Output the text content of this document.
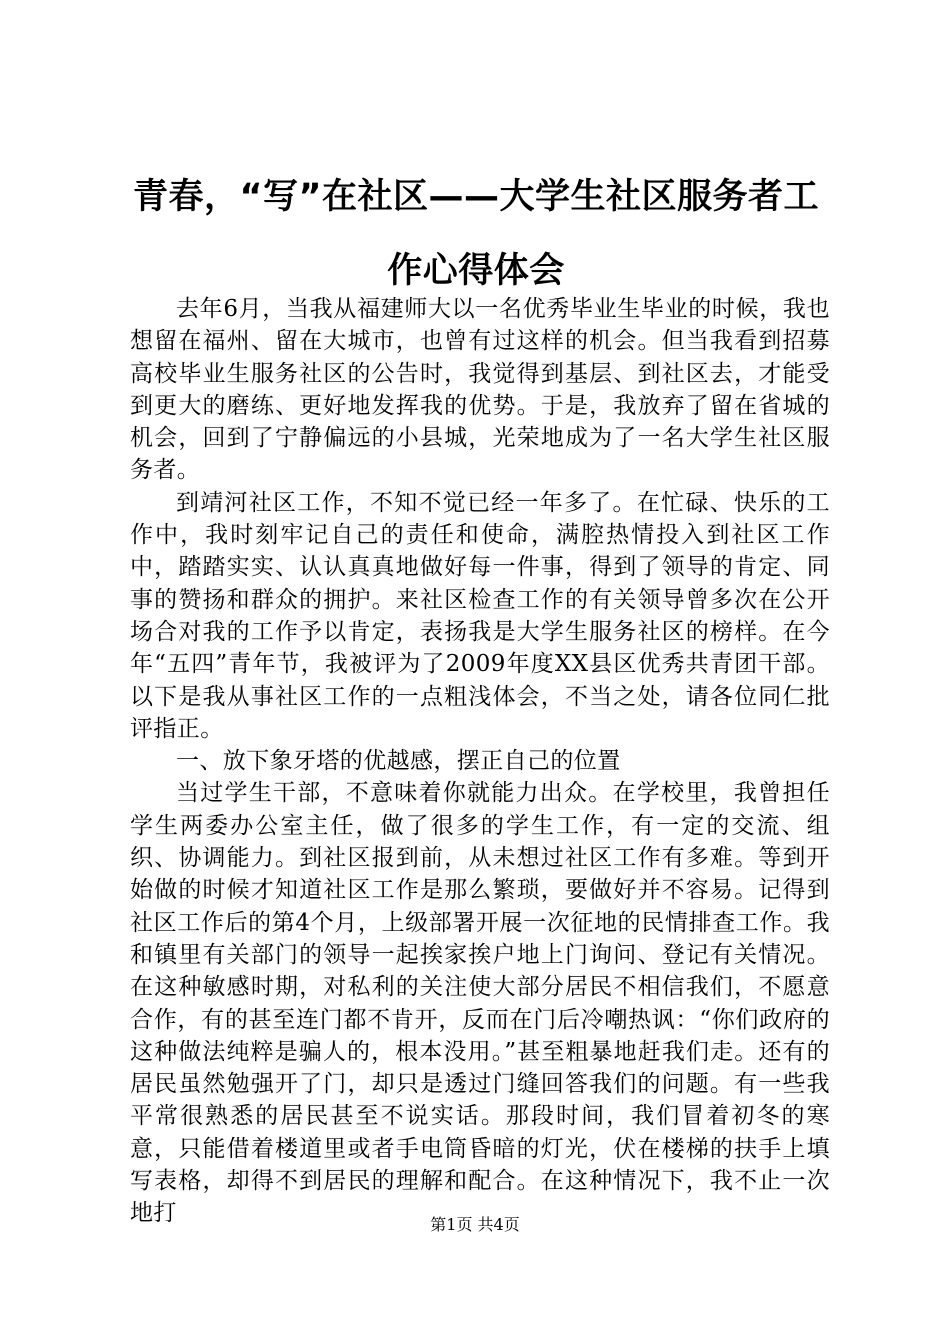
青春，“写”在社区——大学生社区服务者工作心得体会

去年6月，当我从福建师大以一名优秀毕业生毕业的时候，我也想留在福州、留在大城市，也曾有过这样的机会。但当我看到招募高校毕业生服务社区的公告时，我觉得到基层、到社区去，才能受到更大的磨练、更好地发挥我的优势。于是，我放弃了留在省城的机会，回到了宁静偏远的小县城，光荣地成为了一名大学生社区服务者。

到靖河社区工作，不知不觉已经一年多了。在忙碌、快乐的工作中，我时刻牢记自己的责任和使命，满腔热情投入到社区工作中，踏踏实实、认认真真地做好每一件事，得到了领导的肯定、同事的赞扬和群众的拥护。来社区检查工作的有关领导曾多次在公开场合对我的工作予以肯定，表扬我是大学生服务社区的榜样。在今年“五四”青年节，我被评为了2009年度XX县区优秀共青团干部。以下是我从事社区工作的一点粗浅体会，不当之处，请各位同仁批评指正。

一、放下象牙塔的优越感，摆正自己的位置

当过学生干部，不意味着你就能力出众。在学校里，我曾担任学生两委办公室主任，做了很多的学生工作，有一定的交流、组织、协调能力。到社区报到前，从未想过社区工作有多难。等到开始做的时候才知道社区工作是那么繁琐，要做好并不容易。记得到社区工作后的第4个月，上级部署开展一次征地的民情排查工作。我和镇里有关部门的领导一起挨家挨户地上门询问、登记有关情况。在这种敏感时期，对私利的关注使大部分居民不相信我们，不愿意合作，有的甚至连门都不肯开，反而在门后冷嘲热讽：“你们政府的这种做法纯粹是骗人的，根本没用。”甚至粗暴地赶我们走。还有的居民虽然勉强开了门，却只是透过门缝回答我们的问题。有一些我平常很熟悉的居民甚至不说实话。那段时间，我们冒着初冬的寒意，只能借着楼道里或者手电筒昏暗的灯光，伏在楼梯的扶手上填写表格，却得不到居民的理解和配合。在这种情况下，我不止一次地打	第1页 共4页
